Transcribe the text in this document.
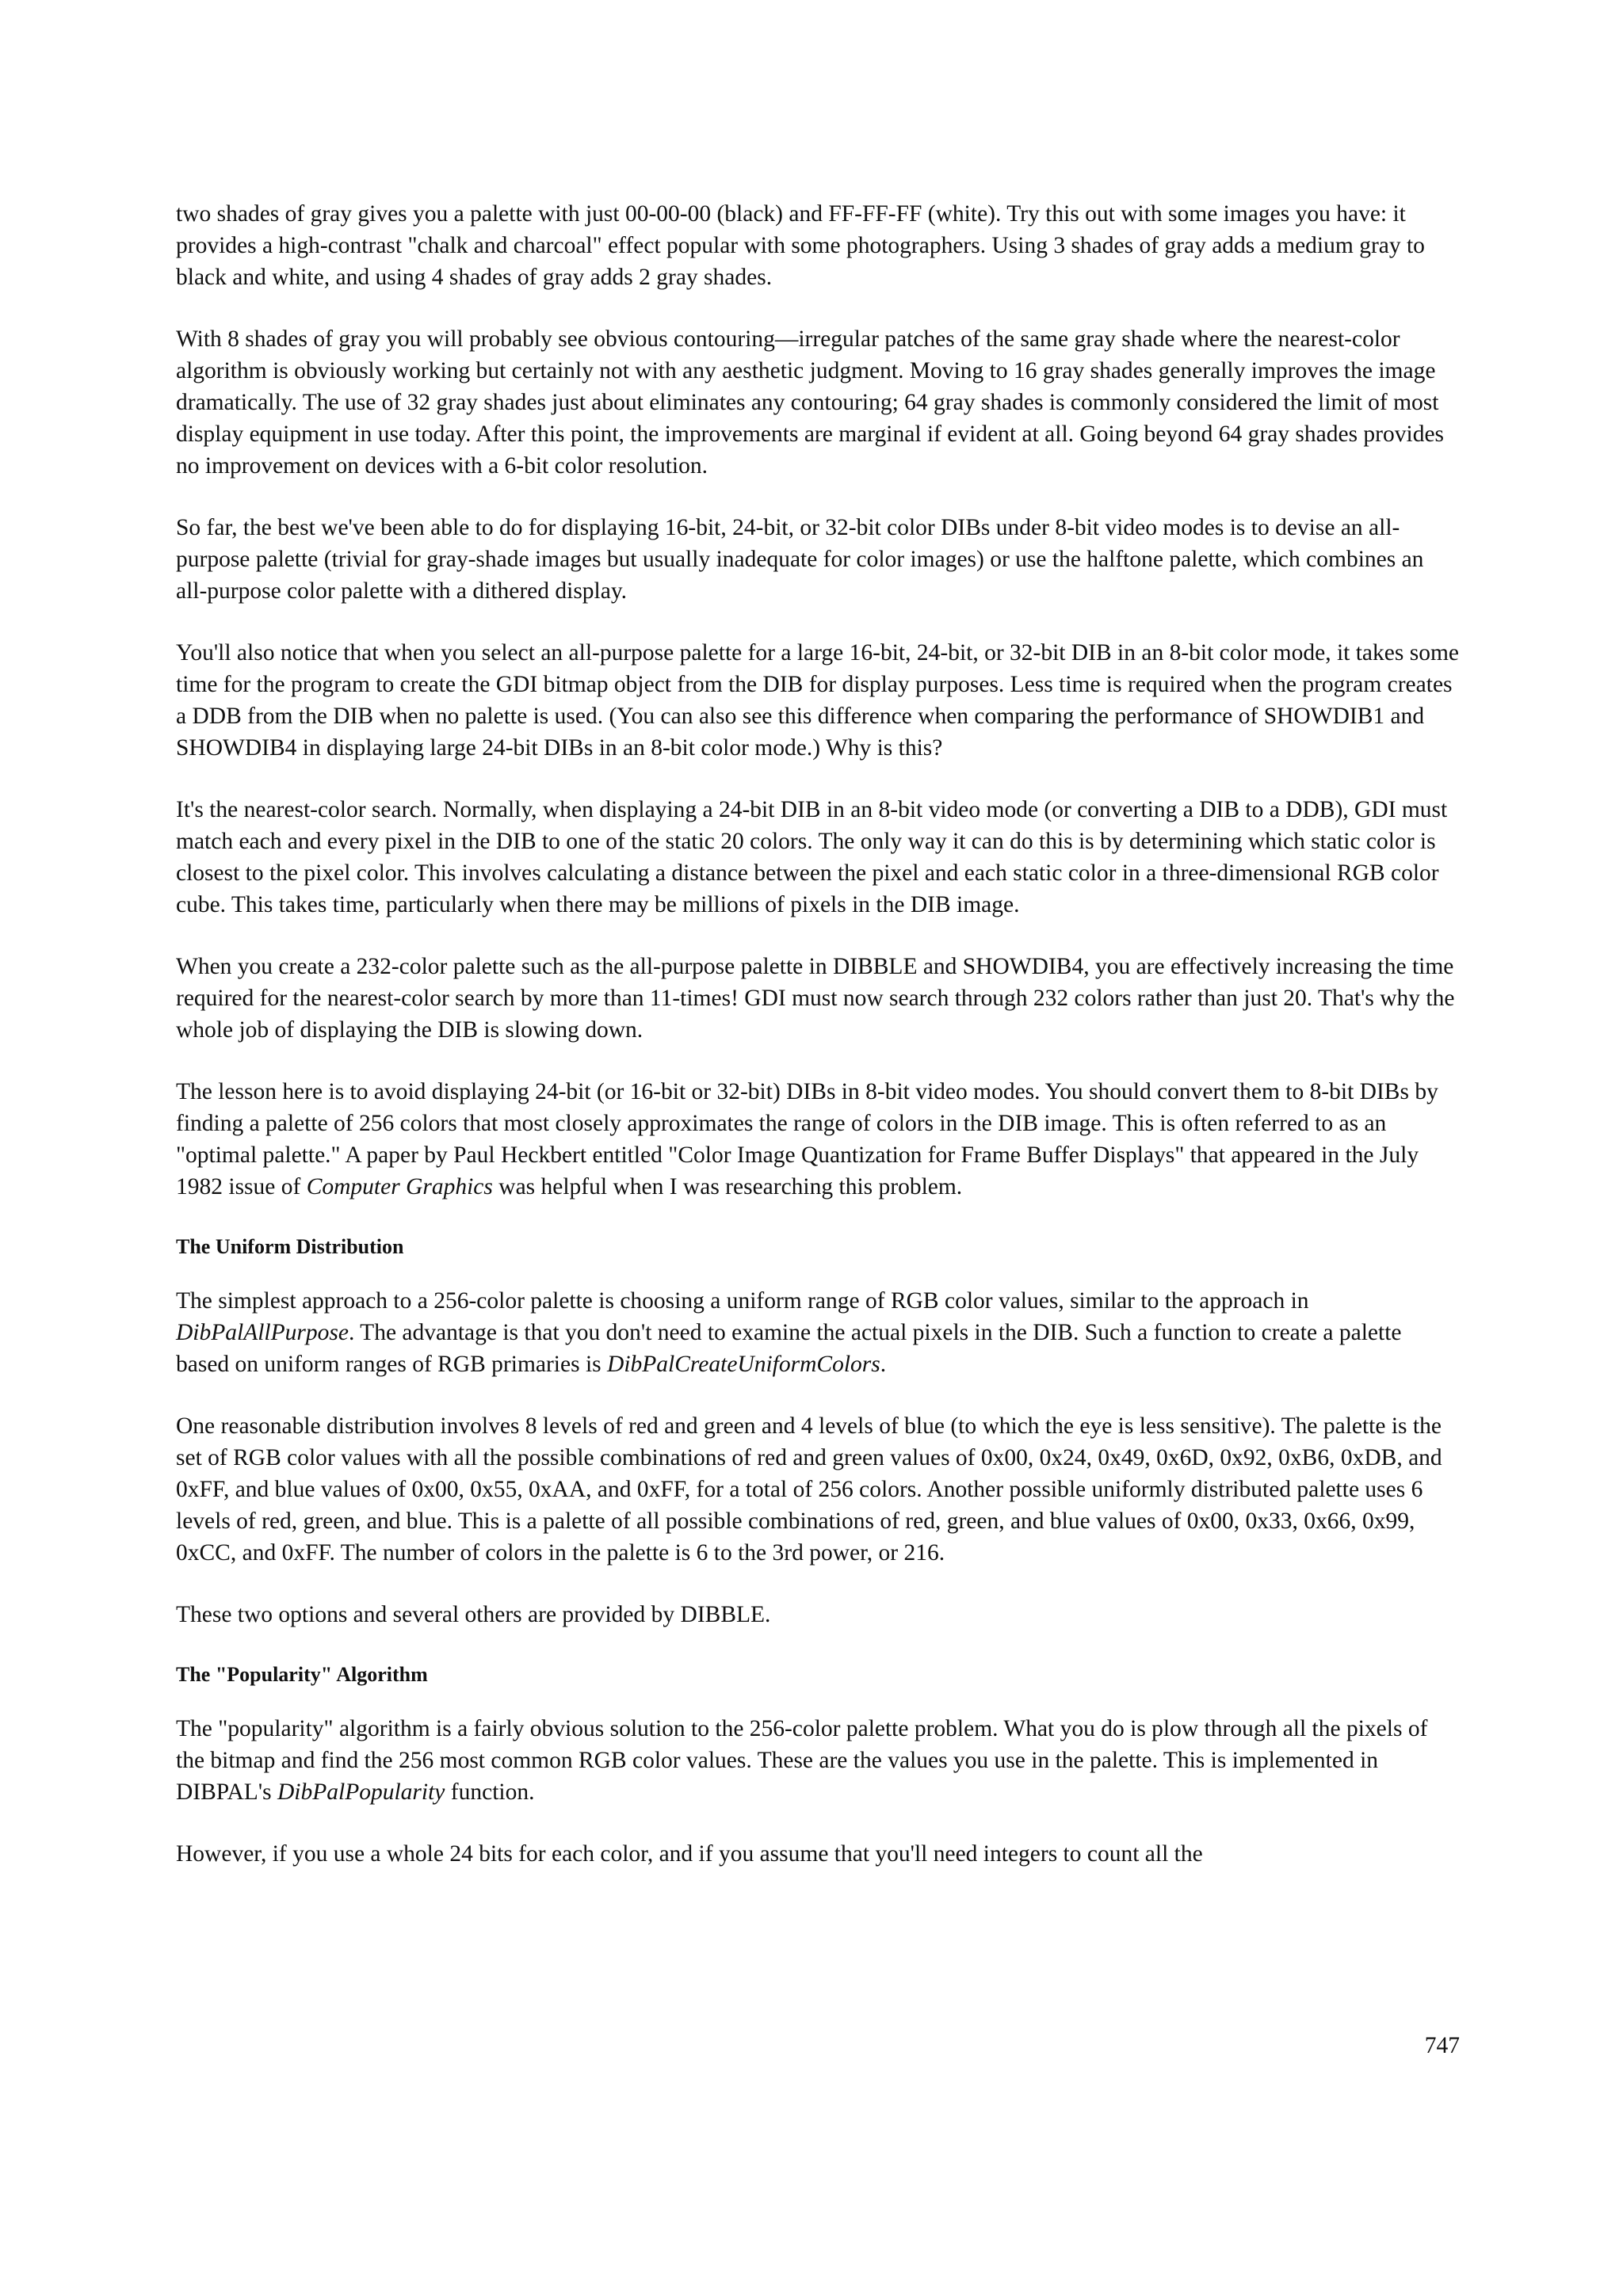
two shades of gray gives you a palette with just 00-00-00 (black) and FF-FF-FF (white). Try this out with some images you have: it provides a high-contrast "chalk and charcoal" effect popular with some photographers. Using 3 shades of gray adds a medium gray to black and white, and using 4 shades of gray adds 2 gray shades.

With 8 shades of gray you will probably see obvious contouring—irregular patches of the same gray shade where the nearest-color algorithm is obviously working but certainly not with any aesthetic judgment. Moving to 16 gray shades generally improves the image dramatically. The use of 32 gray shades just about eliminates any contouring; 64 gray shades is commonly considered the limit of most display equipment in use today. After this point, the improvements are marginal if evident at all. Going beyond 64 gray shades provides no improvement on devices with a 6-bit color resolution.

So far, the best we've been able to do for displaying 16-bit, 24-bit, or 32-bit color DIBs under 8-bit video modes is to devise an all-purpose palette (trivial for gray-shade images but usually inadequate for color images) or use the halftone palette, which combines an all-purpose color palette with a dithered display.

You'll also notice that when you select an all-purpose palette for a large 16-bit, 24-bit, or 32-bit DIB in an 8-bit color mode, it takes some time for the program to create the GDI bitmap object from the DIB for display purposes. Less time is required when the program creates a DDB from the DIB when no palette is used. (You can also see this difference when comparing the performance of SHOWDIB1 and SHOWDIB4 in displaying large 24-bit DIBs in an 8-bit color mode.) Why is this?

It's the nearest-color search. Normally, when displaying a 24-bit DIB in an 8-bit video mode (or converting a DIB to a DDB), GDI must match each and every pixel in the DIB to one of the static 20 colors. The only way it can do this is by determining which static color is closest to the pixel color. This involves calculating a distance between the pixel and each static color in a three-dimensional RGB color cube. This takes time, particularly when there may be millions of pixels in the DIB image.

When you create a 232-color palette such as the all-purpose palette in DIBBLE and SHOWDIB4, you are effectively increasing the time required for the nearest-color search by more than 11-times! GDI must now search through 232 colors rather than just 20. That's why the whole job of displaying the DIB is slowing down.

The lesson here is to avoid displaying 24-bit (or 16-bit or 32-bit) DIBs in 8-bit video modes. You should convert them to 8-bit DIBs by finding a palette of 256 colors that most closely approximates the range of colors in the DIB image. This is often referred to as an "optimal palette." A paper by Paul Heckbert entitled "Color Image Quantization for Frame Buffer Displays" that appeared in the July 1982 issue of Computer Graphics was helpful when I was researching this problem.

The Uniform Distribution

The simplest approach to a 256-color palette is choosing a uniform range of RGB color values, similar to the approach in DibPalAllPurpose. The advantage is that you don't need to examine the actual pixels in the DIB. Such a function to create a palette based on uniform ranges of RGB primaries is DibPalCreateUniformColors.

One reasonable distribution involves 8 levels of red and green and 4 levels of blue (to which the eye is less sensitive). The palette is the set of RGB color values with all the possible combinations of red and green values of 0x00, 0x24, 0x49, 0x6D, 0x92, 0xB6, 0xDB, and 0xFF, and blue values of 0x00, 0x55, 0xAA, and 0xFF, for a total of 256 colors. Another possible uniformly distributed palette uses 6 levels of red, green, and blue. This is a palette of all possible combinations of red, green, and blue values of 0x00, 0x33, 0x66, 0x99, 0xCC, and 0xFF. The number of colors in the palette is 6 to the 3rd power, or 216.

These two options and several others are provided by DIBBLE.

The "Popularity" Algorithm

The "popularity" algorithm is a fairly obvious solution to the 256-color palette problem. What you do is plow through all the pixels of the bitmap and find the 256 most common RGB color values. These are the values you use in the palette. This is implemented in DIBPAL's DibPalPopularity function.

However, if you use a whole 24 bits for each color, and if you assume that you'll need integers to count all the

747
